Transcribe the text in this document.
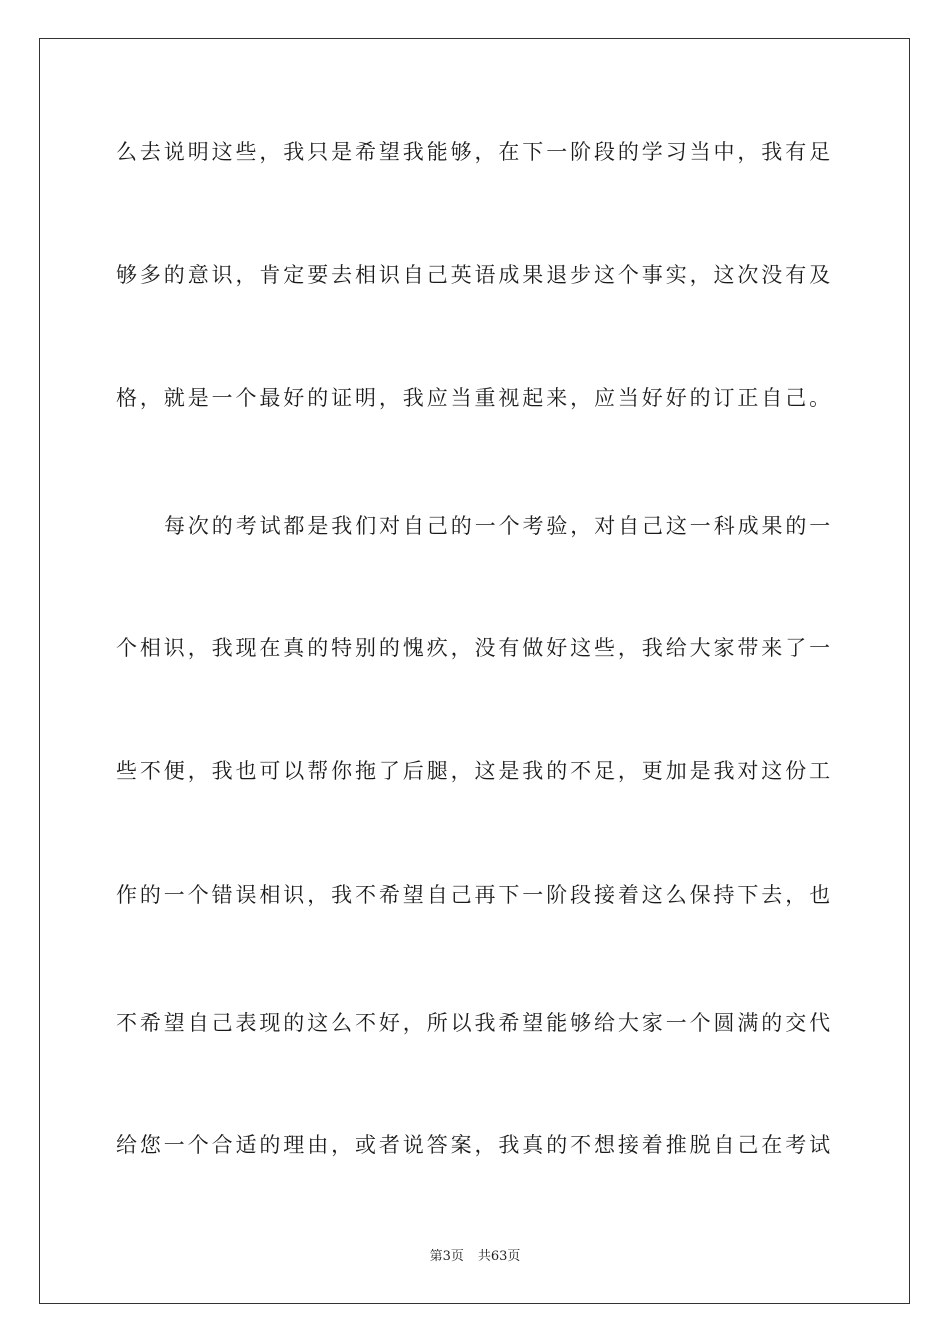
么去说明这些，我只是希望我能够，在下一阶段的学习当中，我有足
够多的意识，肯定要去相识自己英语成果退步这个事实，这次没有及
格，就是一个最好的证明，我应当重视起来，应当好好的订正自己。
每次的考试都是我们对自己的一个考验，对自己这一科成果的一
个相识，我现在真的特别的愧疚，没有做好这些，我给大家带来了一
些不便，我也可以帮你拖了后腿，这是我的不足，更加是我对这份工
作的一个错误相识，我不希望自己再下一阶段接着这么保持下去，也
不希望自己表现的这么不好，所以我希望能够给大家一个圆满的交代
给您一个合适的理由，或者说答案，我真的不想接着推脱自己在考试
第3页 共63页
